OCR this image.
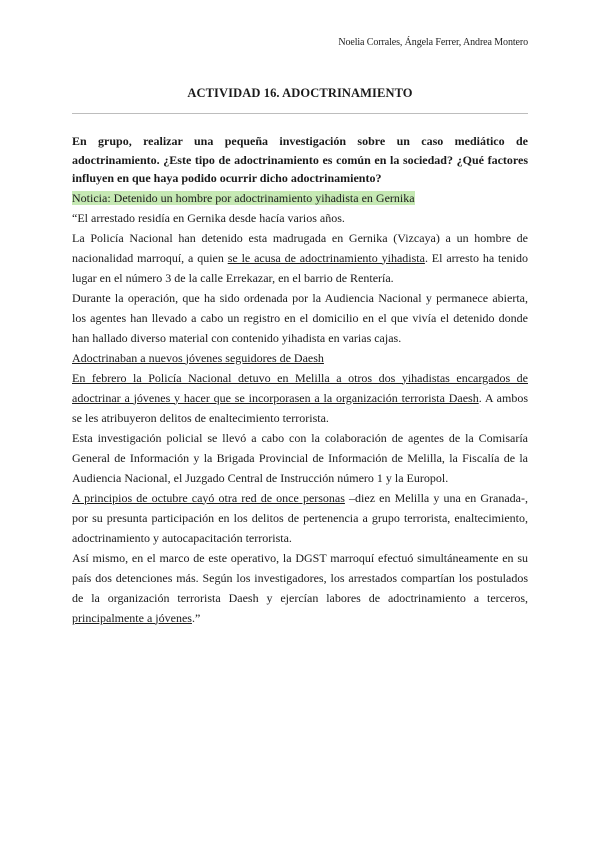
Noelia Corrales, Ángela Ferrer, Andrea Montero
ACTIVIDAD 16. ADOCTRINAMIENTO

En grupo, realizar una pequeña investigación sobre un caso mediático de adoctrinamiento. ¿Este tipo de adoctrinamiento es común en la sociedad? ¿Qué factores influyen en que haya podido ocurrir dicho adoctrinamiento?

Noticia: Detenido un hombre por adoctrinamiento yihadista en Gernika

“El arrestado residía en Gernika desde hacía varios años.

La Policía Nacional han detenido esta madrugada en Gernika (Vizcaya) a un hombre de nacionalidad marroquí, a quien se le acusa de adoctrinamiento yihadista. El arresto ha tenido lugar en el número 3 de la calle Errekazar, en el barrio de Rentería.

Durante la operación, que ha sido ordenada por la Audiencia Nacional y permanece abierta, los agentes han llevado a cabo un registro en el domicilio en el que vivía el detenido donde han hallado diverso material con contenido yihadista en varias cajas.

Adoctrinaban a nuevos jóvenes seguidores de Daesh

En febrero la Policía Nacional detuvo en Melilla a otros dos yihadistas encargados de adoctrinar a jóvenes y hacer que se incorporasen a la organización terrorista Daesh. A ambos se les atribuyeron delitos de enaltecimiento terrorista.

Esta investigación policial se llevó a cabo con la colaboración de agentes de la Comisaría General de Información y la Brigada Provincial de Información de Melilla, la Fiscalía de la Audiencia Nacional, el Juzgado Central de Instrucción número 1 y la Europol.

A principios de octubre cayó otra red de once personas –diez en Melilla y una en Granada-, por su presunta participación en los delitos de pertenencia a grupo terrorista, enaltecimiento, adoctrinamiento y autocapacitación terrorista.

Así mismo, en el marco de este operativo, la DGST marroquí efectuó simultáneamente en su país dos detenciones más. Según los investigadores, los arrestados compartían los postulados de la organización terrorista Daesh y ejercían labores de adoctrinamiento a terceros, principalmente a jóvenes.”
